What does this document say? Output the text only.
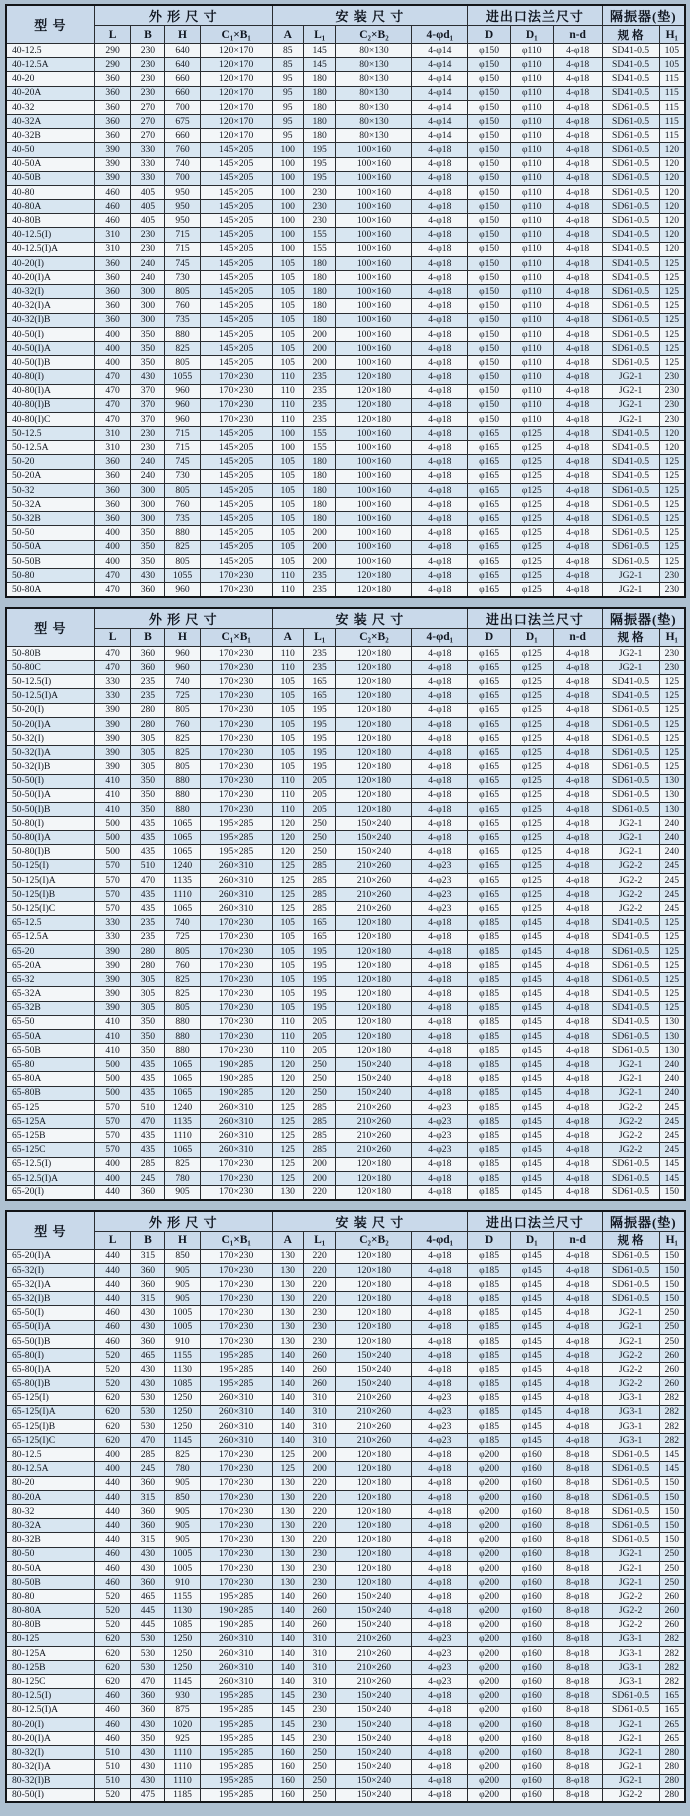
型 号	外 形 尺 寸				安 装 尺 寸				进出口法兰尺寸			隔振器(垫)	
	L	B	H	C₁×B₁	A	L₁	C₂×B₂	4-φd₁	D	D₁	n-d	规 格	H₁
40-12.5	290	230	640	120×170	85	145	80×130	4-φ14	φ150	φ110	4-φ18	SD41-0.5	105
40-12.5A	290	230	640	120×170	85	145	80×130	4-φ14	φ150	φ110	4-φ18	SD41-0.5	105
40-20	360	230	660	120×170	95	180	80×130	4-φ14	φ150	φ110	4-φ18	SD41-0.5	115
40-20A	360	230	660	120×170	95	180	80×130	4-φ14	φ150	φ110	4-φ18	SD41-0.5	115
40-32	360	270	700	120×170	95	180	80×130	4-φ14	φ150	φ110	4-φ18	SD61-0.5	115
40-32A	360	270	675	120×170	95	180	80×130	4-φ14	φ150	φ110	4-φ18	SD61-0.5	115
40-32B	360	270	660	120×170	95	180	80×130	4-φ14	φ150	φ110	4-φ18	SD61-0.5	115
40-50	390	330	760	145×205	100	195	100×160	4-φ18	φ150	φ110	4-φ18	SD61-0.5	120
40-50A	390	330	740	145×205	100	195	100×160	4-φ18	φ150	φ110	4-φ18	SD61-0.5	120
40-50B	390	330	700	145×205	100	195	100×160	4-φ18	φ150	φ110	4-φ18	SD61-0.5	120
40-80	460	405	950	145×205	100	230	100×160	4-φ18	φ150	φ110	4-φ18	SD61-0.5	120
40-80A	460	405	950	145×205	100	230	100×160	4-φ18	φ150	φ110	4-φ18	SD61-0.5	120
40-80B	460	405	950	145×205	100	230	100×160	4-φ18	φ150	φ110	4-φ18	SD61-0.5	120
40-12.5(I)	310	230	715	145×205	100	155	100×160	4-φ18	φ150	φ110	4-φ18	SD41-0.5	120
40-12.5(I)A	310	230	715	145×205	100	155	100×160	4-φ18	φ150	φ110	4-φ18	SD41-0.5	120
40-20(I)	360	240	745	145×205	105	180	100×160	4-φ18	φ150	φ110	4-φ18	SD41-0.5	125
40-20(I)A	360	240	730	145×205	105	180	100×160	4-φ18	φ150	φ110	4-φ18	SD41-0.5	125
40-32(I)	360	300	805	145×205	105	180	100×160	4-φ18	φ150	φ110	4-φ18	SD61-0.5	125
40-32(I)A	360	300	760	145×205	105	180	100×160	4-φ18	φ150	φ110	4-φ18	SD61-0.5	125
40-32(I)B	360	300	735	145×205	105	180	100×160	4-φ18	φ150	φ110	4-φ18	SD61-0.5	125
40-50(I)	400	350	880	145×205	105	200	100×160	4-φ18	φ150	φ110	4-φ18	SD61-0.5	125
40-50(I)A	400	350	825	145×205	105	200	100×160	4-φ18	φ150	φ110	4-φ18	SD61-0.5	125
40-50(I)B	400	350	805	145×205	105	200	100×160	4-φ18	φ150	φ110	4-φ18	SD61-0.5	125
40-80(I)	470	430	1055	170×230	110	235	120×180	4-φ18	φ150	φ110	4-φ18	JG2-1	230
40-80(I)A	470	370	960	170×230	110	235	120×180	4-φ18	φ150	φ110	4-φ18	JG2-1	230
40-80(I)B	470	370	960	170×230	110	235	120×180	4-φ18	φ150	φ110	4-φ18	JG2-1	230
40-80(I)C	470	370	960	170×230	110	235	120×180	4-φ18	φ150	φ110	4-φ18	JG2-1	230
50-12.5	310	230	715	145×205	100	155	100×160	4-φ18	φ165	φ125	4-φ18	SD41-0.5	120
50-12.5A	310	230	715	145×205	100	155	100×160	4-φ18	φ165	φ125	4-φ18	SD41-0.5	120
50-20	360	240	745	145×205	105	180	100×160	4-φ18	φ165	φ125	4-φ18	SD41-0.5	125
50-20A	360	240	730	145×205	105	180	100×160	4-φ18	φ165	φ125	4-φ18	SD41-0.5	125
50-32	360	300	805	145×205	105	180	100×160	4-φ18	φ165	φ125	4-φ18	SD61-0.5	125
50-32A	360	300	760	145×205	105	180	100×160	4-φ18	φ165	φ125	4-φ18	SD61-0.5	125
50-32B	360	300	735	145×205	105	180	100×160	4-φ18	φ165	φ125	4-φ18	SD61-0.5	125
50-50	400	350	880	145×205	105	200	100×160	4-φ18	φ165	φ125	4-φ18	SD61-0.5	125
50-50A	400	350	825	145×205	105	200	100×160	4-φ18	φ165	φ125	4-φ18	SD61-0.5	125
50-50B	400	350	805	145×205	105	200	100×160	4-φ18	φ165	φ125	4-φ18	SD61-0.5	125
50-80	470	430	1055	170×230	110	235	120×180	4-φ18	φ165	φ125	4-φ18	JG2-1	230
50-80A	470	360	960	170×230	110	235	120×180	4-φ18	φ165	φ125	4-φ18	JG2-1	230
型 号	外 形 尺 寸				安 装 尺 寸				进出口法兰尺寸			隔振器(垫)	
	L	B	H	C₁×B₁	A	L₁	C₂×B₂	4-φd₁	D	D₁	n-d	规 格	H₁
50-80B	470	360	960	170×230	110	235	120×180	4-φ18	φ165	φ125	4-φ18	JG2-1	230
50-80C	470	360	960	170×230	110	235	120×180	4-φ18	φ165	φ125	4-φ18	JG2-1	230
50-12.5(I)	330	235	740	170×230	105	165	120×180	4-φ18	φ165	φ125	4-φ18	SD41-0.5	125
50-12.5(I)A	330	235	725	170×230	105	165	120×180	4-φ18	φ165	φ125	4-φ18	SD41-0.5	125
50-20(I)	390	280	805	170×230	105	195	120×180	4-φ18	φ165	φ125	4-φ18	SD61-0.5	125
50-20(I)A	390	280	760	170×230	105	195	120×180	4-φ18	φ165	φ125	4-φ18	SD61-0.5	125
50-32(I)	390	305	825	170×230	105	195	120×180	4-φ18	φ165	φ125	4-φ18	SD61-0.5	125
50-32(I)A	390	305	825	170×230	105	195	120×180	4-φ18	φ165	φ125	4-φ18	SD61-0.5	125
50-32(I)B	390	305	805	170×230	105	195	120×180	4-φ18	φ165	φ125	4-φ18	SD61-0.5	125
50-50(I)	410	350	880	170×230	110	205	120×180	4-φ18	φ165	φ125	4-φ18	SD61-0.5	130
50-50(I)A	410	350	880	170×230	110	205	120×180	4-φ18	φ165	φ125	4-φ18	SD61-0.5	130
50-50(I)B	410	350	880	170×230	110	205	120×180	4-φ18	φ165	φ125	4-φ18	SD61-0.5	130
50-80(I)	500	435	1065	195×285	120	250	150×240	4-φ18	φ165	φ125	4-φ18	JG2-1	240
50-80(I)A	500	435	1065	195×285	120	250	150×240	4-φ18	φ165	φ125	4-φ18	JG2-1	240
50-80(I)B	500	435	1065	195×285	120	250	150×240	4-φ18	φ165	φ125	4-φ18	JG2-1	240
50-125(I)	570	510	1240	260×310	125	285	210×260	4-φ23	φ165	φ125	4-φ18	JG2-2	245
50-125(I)A	570	470	1135	260×310	125	285	210×260	4-φ23	φ165	φ125	4-φ18	JG2-2	245
50-125(I)B	570	435	1110	260×310	125	285	210×260	4-φ23	φ165	φ125	4-φ18	JG2-2	245
50-125(I)C	570	435	1065	260×310	125	285	210×260	4-φ23	φ165	φ125	4-φ18	JG2-2	245
65-12.5	330	235	740	170×230	105	165	120×180	4-φ18	φ185	φ145	4-φ18	SD41-0.5	125
65-12.5A	330	235	725	170×230	105	165	120×180	4-φ18	φ185	φ145	4-φ18	SD41-0.5	125
65-20	390	280	805	170×230	105	195	120×180	4-φ18	φ185	φ145	4-φ18	SD61-0.5	125
65-20A	390	280	760	170×230	105	195	120×180	4-φ18	φ185	φ145	4-φ18	SD61-0.5	125
65-32	390	305	825	170×230	105	195	120×180	4-φ18	φ185	φ145	4-φ18	SD61-0.5	125
65-32A	390	305	825	170×230	105	195	120×180	4-φ18	φ185	φ145	4-φ18	SD41-0.5	125
65-32B	390	305	805	170×230	105	195	120×180	4-φ18	φ185	φ145	4-φ18	SD41-0.5	125
65-50	410	350	880	170×230	110	205	120×180	4-φ18	φ185	φ145	4-φ18	SD41-0.5	130
65-50A	410	350	880	170×230	110	205	120×180	4-φ18	φ185	φ145	4-φ18	SD61-0.5	130
65-50B	410	350	880	170×230	110	205	120×180	4-φ18	φ185	φ145	4-φ18	SD61-0.5	130
65-80	500	435	1065	190×285	120	250	150×240	4-φ18	φ185	φ145	4-φ18	JG2-1	240
65-80A	500	435	1065	190×285	120	250	150×240	4-φ18	φ185	φ145	4-φ18	JG2-1	240
65-80B	500	435	1065	190×285	120	250	150×240	4-φ18	φ185	φ145	4-φ18	JG2-1	240
65-125	570	510	1240	260×310	125	285	210×260	4-φ23	φ185	φ145	4-φ18	JG2-2	245
65-125A	570	470	1135	260×310	125	285	210×260	4-φ23	φ185	φ145	4-φ18	JG2-2	245
65-125B	570	435	1110	260×310	125	285	210×260	4-φ23	φ185	φ145	4-φ18	JG2-2	245
65-125C	570	435	1065	260×310	125	285	210×260	4-φ23	φ185	φ145	4-φ18	JG2-2	245
65-12.5(I)	400	285	825	170×230	125	200	120×180	4-φ18	φ185	φ145	4-φ18	SD61-0.5	145
65-12.5(I)A	400	245	780	170×230	125	200	120×180	4-φ18	φ185	φ145	4-φ18	SD61-0.5	145
65-20(I)	440	360	905	170×230	130	220	120×180	4-φ18	φ185	φ145	4-φ18	SD61-0.5	150
型 号	外 形 尺 寸				安 装 尺 寸				进出口法兰尺寸			隔振器(垫)	
	L	B	H	C₁×B₁	A	L₁	C₂×B₂	4-φd₁	D	D₁	n-d	规 格	H₁
65-20(I)A	440	315	850	170×230	130	220	120×180	4-φ18	φ185	φ145	4-φ18	SD61-0.5	150
65-32(I)	440	360	905	170×230	130	220	120×180	4-φ18	φ185	φ145	4-φ18	SD61-0.5	150
65-32(I)A	440	360	905	170×230	130	220	120×180	4-φ18	φ185	φ145	4-φ18	SD61-0.5	150
65-32(I)B	440	315	905	170×230	130	220	120×180	4-φ18	φ185	φ145	4-φ18	SD61-0.5	150
65-50(I)	460	430	1005	170×230	130	230	120×180	4-φ18	φ185	φ145	4-φ18	JG2-1	250
65-50(I)A	460	430	1005	170×230	130	230	120×180	4-φ18	φ185	φ145	4-φ18	JG2-1	250
65-50(I)B	460	360	910	170×230	130	230	120×180	4-φ18	φ185	φ145	4-φ18	JG2-1	250
65-80(I)	520	465	1155	195×285	140	260	150×240	4-φ18	φ185	φ145	4-φ18	JG2-2	260
65-80(I)A	520	430	1130	195×285	140	260	150×240	4-φ18	φ185	φ145	4-φ18	JG2-2	260
65-80(I)B	520	430	1085	195×285	140	260	150×240	4-φ18	φ185	φ145	4-φ18	JG2-2	260
65-125(I)	620	530	1250	260×310	140	310	210×260	4-φ23	φ185	φ145	4-φ18	JG3-1	282
65-125(I)A	620	530	1250	260×310	140	310	210×260	4-φ23	φ185	φ145	4-φ18	JG3-1	282
65-125(I)B	620	530	1250	260×310	140	310	210×260	4-φ23	φ185	φ145	4-φ18	JG3-1	282
65-125(I)C	620	470	1145	260×310	140	310	210×260	4-φ23	φ185	φ145	4-φ18	JG3-1	282
80-12.5	400	285	825	170×230	125	200	120×180	4-φ18	φ200	φ160	8-φ18	SD61-0.5	145
80-12.5A	400	245	780	170×230	125	200	120×180	4-φ18	φ200	φ160	8-φ18	SD61-0.5	145
80-20	440	360	905	170×230	130	220	120×180	4-φ18	φ200	φ160	8-φ18	SD61-0.5	150
80-20A	440	315	850	170×230	130	220	120×180	4-φ18	φ200	φ160	8-φ18	SD61-0.5	150
80-32	440	360	905	170×230	130	220	120×180	4-φ18	φ200	φ160	8-φ18	SD61-0.5	150
80-32A	440	360	905	170×230	130	220	120×180	4-φ18	φ200	φ160	8-φ18	SD61-0.5	150
80-32B	440	315	905	170×230	130	220	120×180	4-φ18	φ200	φ160	8-φ18	SD61-0.5	150
80-50	460	430	1005	170×230	130	230	120×180	4-φ18	φ200	φ160	8-φ18	JG2-1	250
80-50A	460	430	1005	170×230	130	230	120×180	4-φ18	φ200	φ160	8-φ18	JG2-1	250
80-50B	460	360	910	170×230	130	230	120×180	4-φ18	φ200	φ160	8-φ18	JG2-1	250
80-80	520	465	1155	195×285	140	260	150×240	4-φ18	φ200	φ160	8-φ18	JG2-2	260
80-80A	520	445	1130	190×285	140	260	150×240	4-φ18	φ200	φ160	8-φ18	JG2-2	260
80-80B	520	445	1085	190×285	140	260	150×240	4-φ18	φ200	φ160	8-φ18	JG2-2	260
80-125	620	530	1250	260×310	140	310	210×260	4-φ23	φ200	φ160	8-φ18	JG3-1	282
80-125A	620	530	1250	260×310	140	310	210×260	4-φ23	φ200	φ160	8-φ18	JG3-1	282
80-125B	620	530	1250	260×310	140	310	210×260	4-φ23	φ200	φ160	8-φ18	JG3-1	282
80-125C	620	470	1145	260×310	140	310	210×260	4-φ23	φ200	φ160	8-φ18	JG3-1	282
80-12.5(I)	460	360	930	195×285	145	230	150×240	4-φ18	φ200	φ160	8-φ18	SD61-0.5	165
80-12.5(I)A	460	360	875	195×285	145	230	150×240	4-φ18	φ200	φ160	8-φ18	SD61-0.5	165
80-20(I)	460	430	1020	195×285	145	230	150×240	4-φ18	φ200	φ160	8-φ18	JG2-1	265
80-20(I)A	460	350	925	195×285	145	230	150×240	4-φ18	φ200	φ160	8-φ18	JG2-1	265
80-32(I)	510	430	1110	195×285	160	250	150×240	4-φ18	φ200	φ160	8-φ18	JG2-1	280
80-32(I)A	510	430	1110	195×285	160	250	150×240	4-φ18	φ200	φ160	8-φ18	JG2-1	280
80-32(I)B	510	430	1110	195×285	160	250	150×240	4-φ18	φ200	φ160	8-φ18	JG2-1	280
80-50(I)	520	475	1185	195×285	160	250	150×240	4-φ18	φ200	φ160	8-φ18	JG2-2	280
